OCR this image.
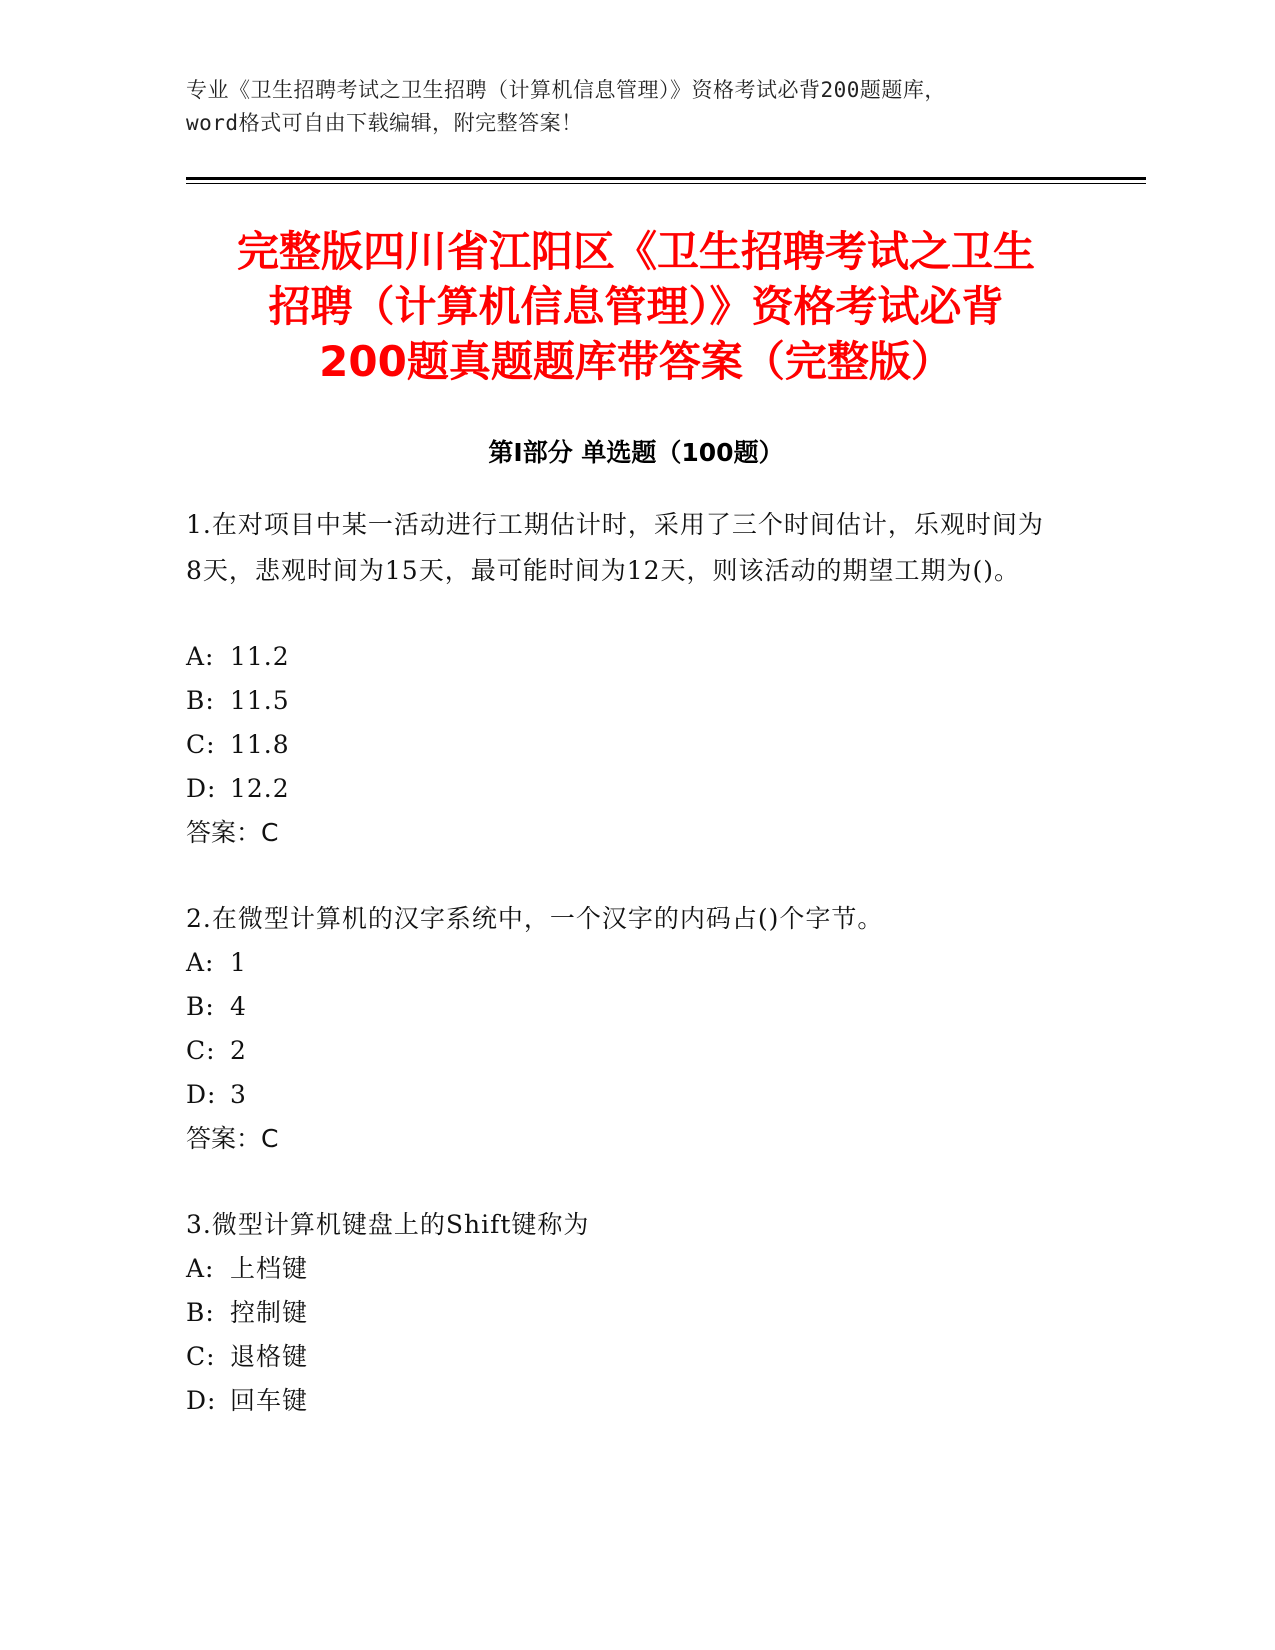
专业《卫生招聘考试之卫生招聘（计算机信息管理）》资格考试必背200题题库，
word格式可自由下载编辑，附完整答案！
完整版四川省江阳区《卫生招聘考试之卫生
招聘（计算机信息管理）》资格考试必背
200题真题题库带答案（完整版）
第Ⅰ部分 单选题（100题）
1.在对项目中某一活动进行工期估计时，采用了三个时间估计，乐观时间为8天，悲观时间为15天，最可能时间为12天，则该活动的期望工期为()。
A: 11.2
B: 11.5
C: 11.8
D: 12.2
答案：C
2.在微型计算机的汉字系统中，一个汉字的内码占()个字节。
A: 1
B: 4
C: 2
D: 3
答案：C
3.微型计算机键盘上的Shift键称为
A: 上档键
B: 控制键
C: 退格键
D: 回车键
